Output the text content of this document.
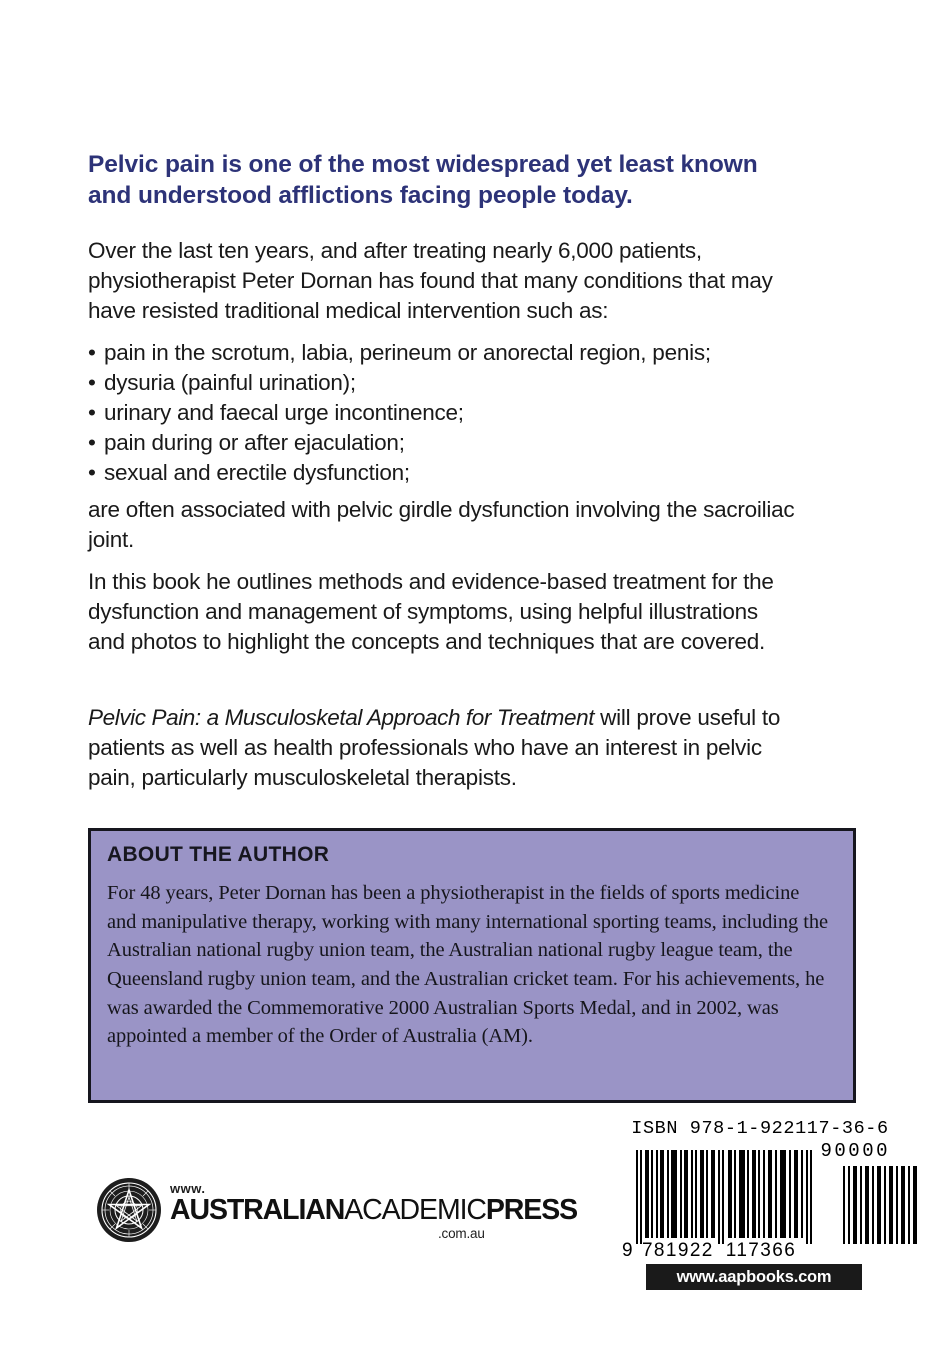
Pelvic pain is one of the most widespread yet least known and understood afflictions facing people today.
Over the last ten years, and after treating nearly 6,000 patients, physiotherapist Peter Dornan has found that many conditions that may have resisted traditional medical intervention such as:
• pain in the scrotum, labia, perineum or anorectal region, penis;
• dysuria (painful urination);
• urinary and faecal urge incontinence;
• pain during or after ejaculation;
• sexual and erectile dysfunction;
are often associated with pelvic girdle dysfunction involving the sacroiliac joint.
In this book he outlines methods and evidence-based treatment for the dysfunction and management of symptoms, using helpful illustrations and photos to highlight the concepts and techniques that are covered.
Pelvic Pain: a Musculosketal Approach for Treatment will prove useful to patients as well as health professionals who have an interest in pelvic pain, particularly musculoskeletal therapists.
ABOUT THE AUTHOR
For 48 years, Peter Dornan has been a physiotherapist in the fields of sports medicine and manipulative therapy, working with many international sporting teams, including the Australian national rugby union team, the Australian national rugby league team, the Queensland rugby union team, and the Australian cricket team. For his achievements, he was awarded the Commemorative 2000 Australian Sports Medal, and in 2002, was appointed a member of the Order of Australia (AM).
www.
AUSTRALIANACADEMICPRESS
.com.au
ISBN 978-1-922117-36-6
90000
9 781922 117366
www.aapbooks.com
